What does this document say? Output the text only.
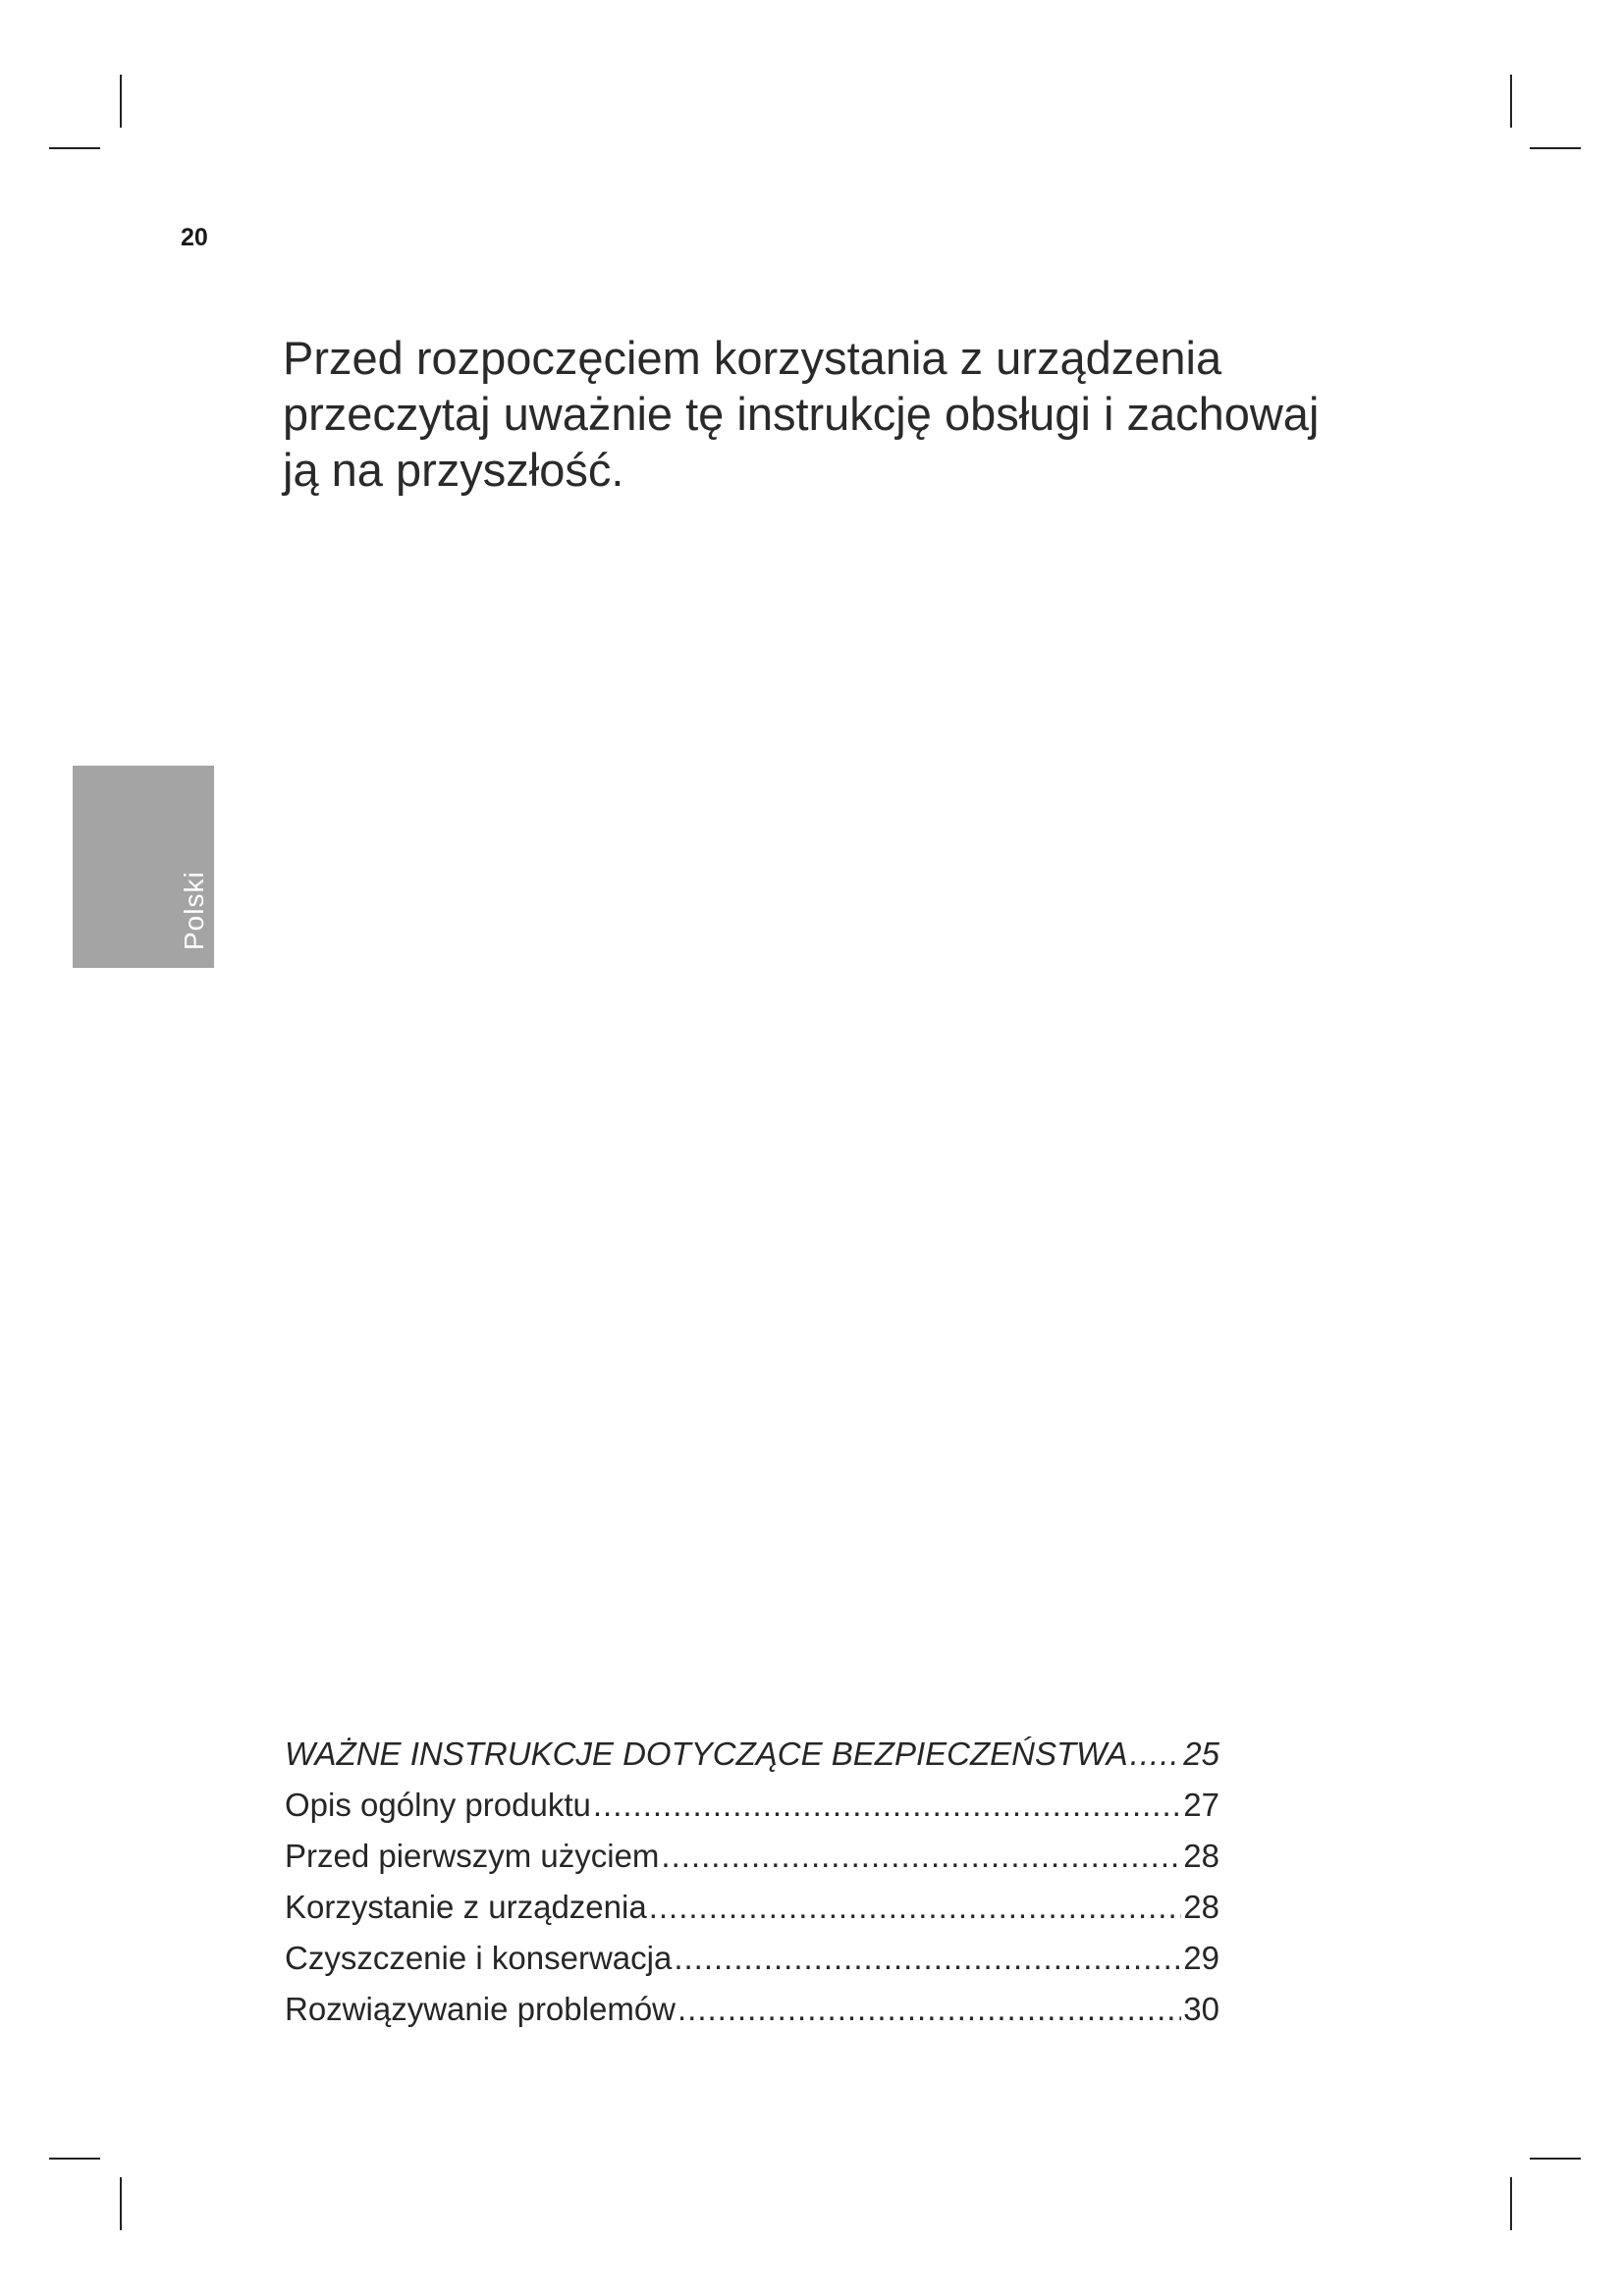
20
Przed rozpoczęciem korzystania z urządzenia
przeczytaj uważnie tę instrukcję obsługi i zachowaj
ją na przyszłość.
Polski
WAŻNE INSTRUKCJE DOTYCZĄCE BEZPIECZEŃSTWA ..... 25
Opis ogólny produktu .....	27
Przed pierwszym użyciem .....	28
Korzystanie z urządzenia .....	28
Czyszczenie i konserwacja .....	29
Rozwiązywanie problemów .....	30
